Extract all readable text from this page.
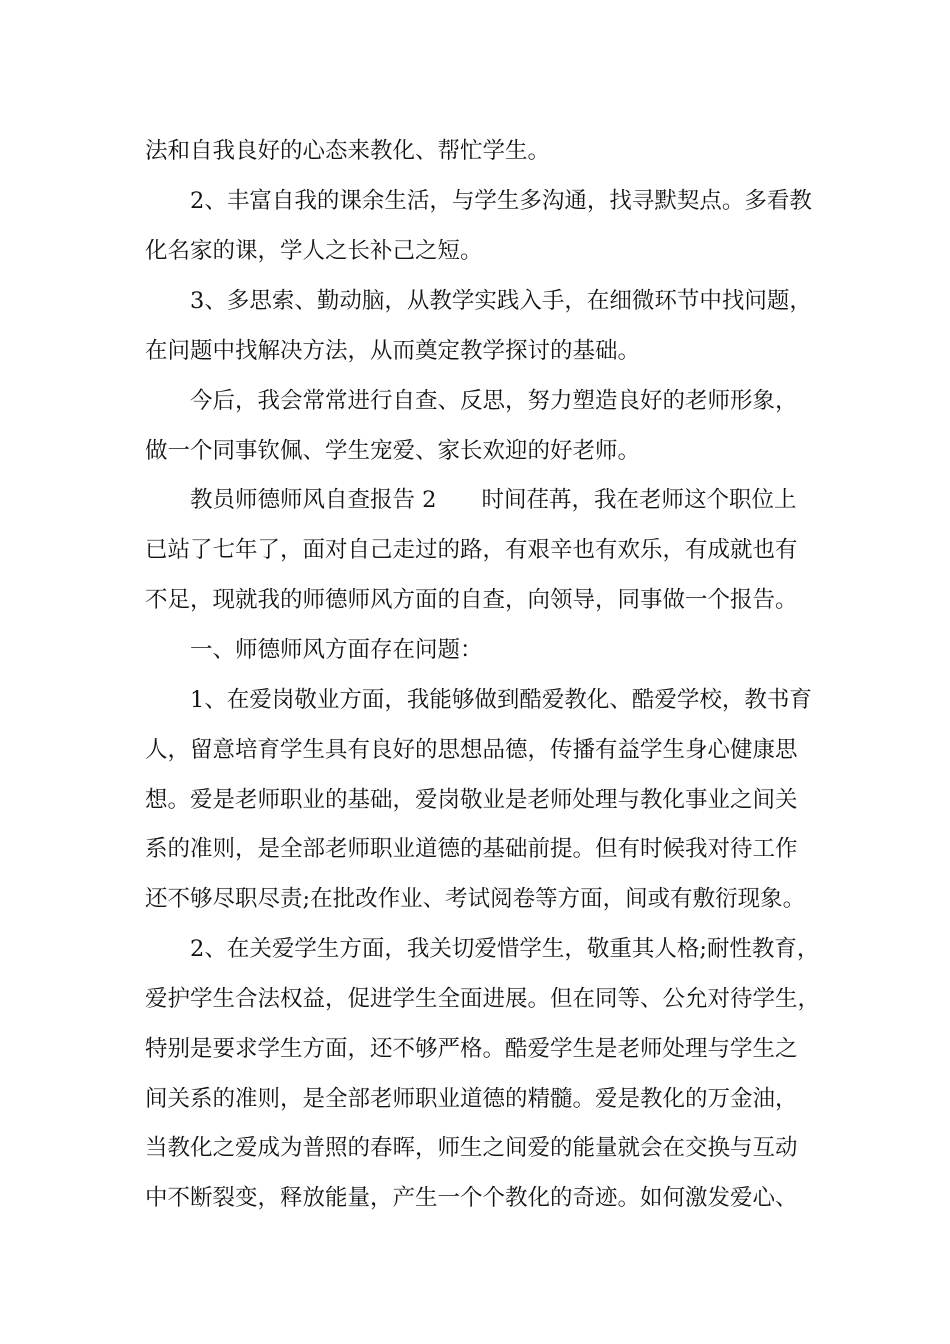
法和自我良好的心态来教化、帮忙学生。
2、丰富自我的课余生活，与学生多沟通，找寻默契点。多看教
化名家的课，学人之长补己之短。
3、多思索、勤动脑，从教学实践入手，在细微环节中找问题，
在问题中找解决方法，从而奠定教学探讨的基础。
今后，我会常常进行自查、反思，努力塑造良好的老师形象，
做一个同事钦佩、学生宠爱、家长欢迎的好老师。
教员师德师风自查报告 2　　时间荏苒，我在老师这个职位上
已站了七年了，面对自己走过的路，有艰辛也有欢乐，有成就也有
不足，现就我的师德师风方面的自查，向领导，同事做一个报告。
一、师德师风方面存在问题：
1、在爱岗敬业方面，我能够做到酷爱教化、酷爱学校，教书育
人，留意培育学生具有良好的思想品德，传播有益学生身心健康思
想。爱是老师职业的基础，爱岗敬业是老师处理与教化事业之间关
系的准则，是全部老师职业道德的基础前提。但有时候我对待工作
还不够尽职尽责;在批改作业、考试阅卷等方面，间或有敷衍现象。
2、在关爱学生方面，我关切爱惜学生，敬重其人格;耐性教育，
爱护学生合法权益，促进学生全面进展。但在同等、公允对待学生，
特别是要求学生方面，还不够严格。酷爱学生是老师处理与学生之
间关系的准则，是全部老师职业道德的精髓。爱是教化的万金油，
当教化之爱成为普照的春晖，师生之间爱的能量就会在交换与互动
中不断裂变，释放能量，产生一个个教化的奇迹。如何激发爱心、
